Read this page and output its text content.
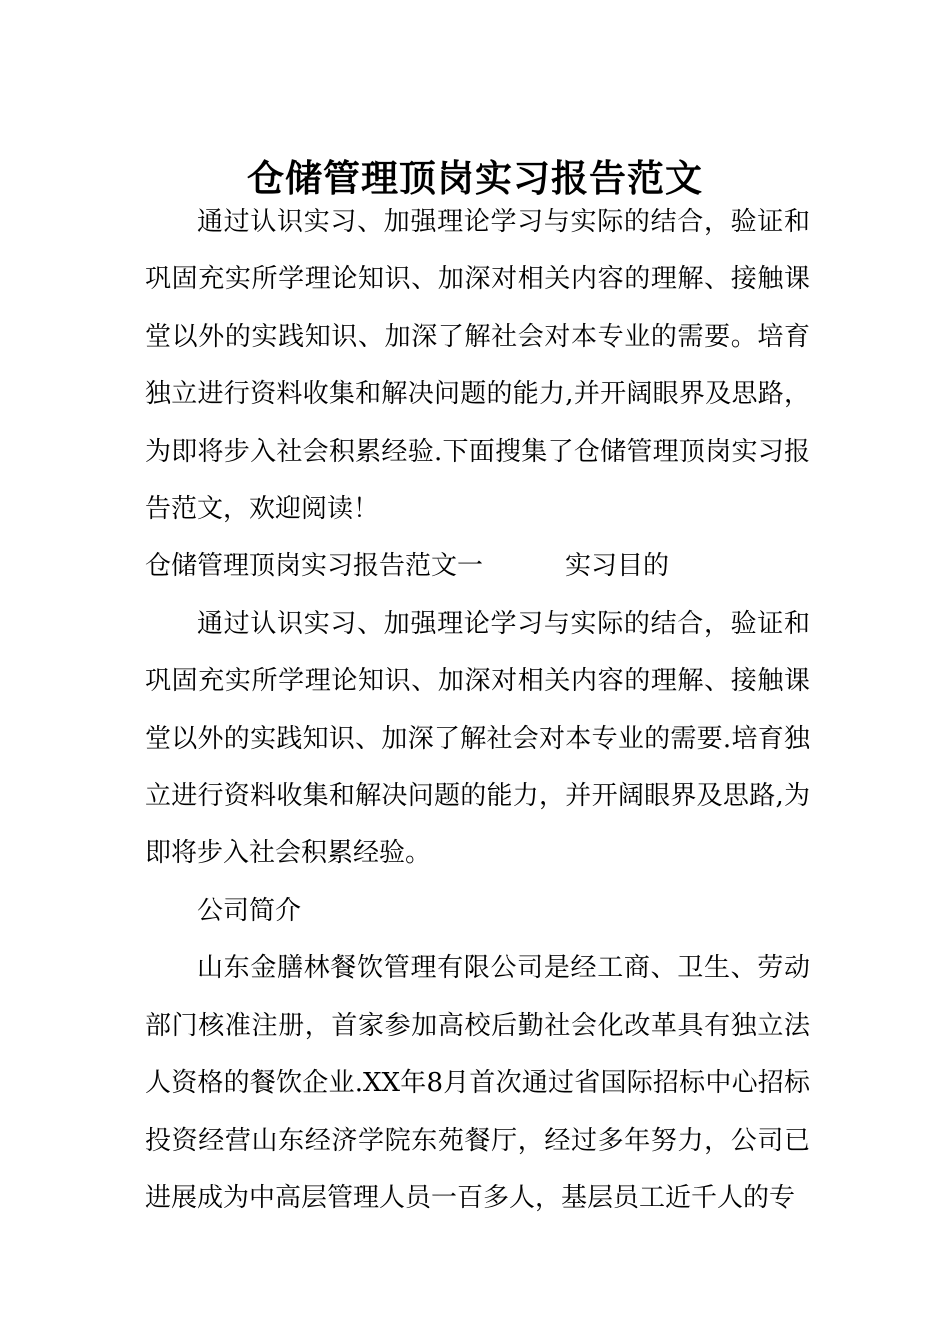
仓储管理顶岗实习报告范文

通过认识实习、加强理论学习与实际的结合，验证和巩固充实所学理论知识、加深对相关内容的理解、接触课堂以外的实践知识、加深了解社会对本专业的需要。培育独立进行资料收集和解决问题的能力,并开阔眼界及思路，为即将步入社会积累经验.下面搜集了仓储管理顶岗实习报告范文，欢迎阅读！

仓储管理顶岗实习报告范文一	实习目的

通过认识实习、加强理论学习与实际的结合，验证和巩固充实所学理论知识、加深对相关内容的理解、接触课堂以外的实践知识、加深了解社会对本专业的需要.培育独立进行资料收集和解决问题的能力，并开阔眼界及思路,为即将步入社会积累经验。

公司简介

山东金膳林餐饮管理有限公司是经工商、卫生、劳动部门核准注册，首家参加高校后勤社会化改革具有独立法人资格的餐饮企业.XX年8月首次通过省国际招标中心招标投资经营山东经济学院东苑餐厅，经过多年努力，公司已进展成为中高层管理人员一百多人，基层员工近千人的专
